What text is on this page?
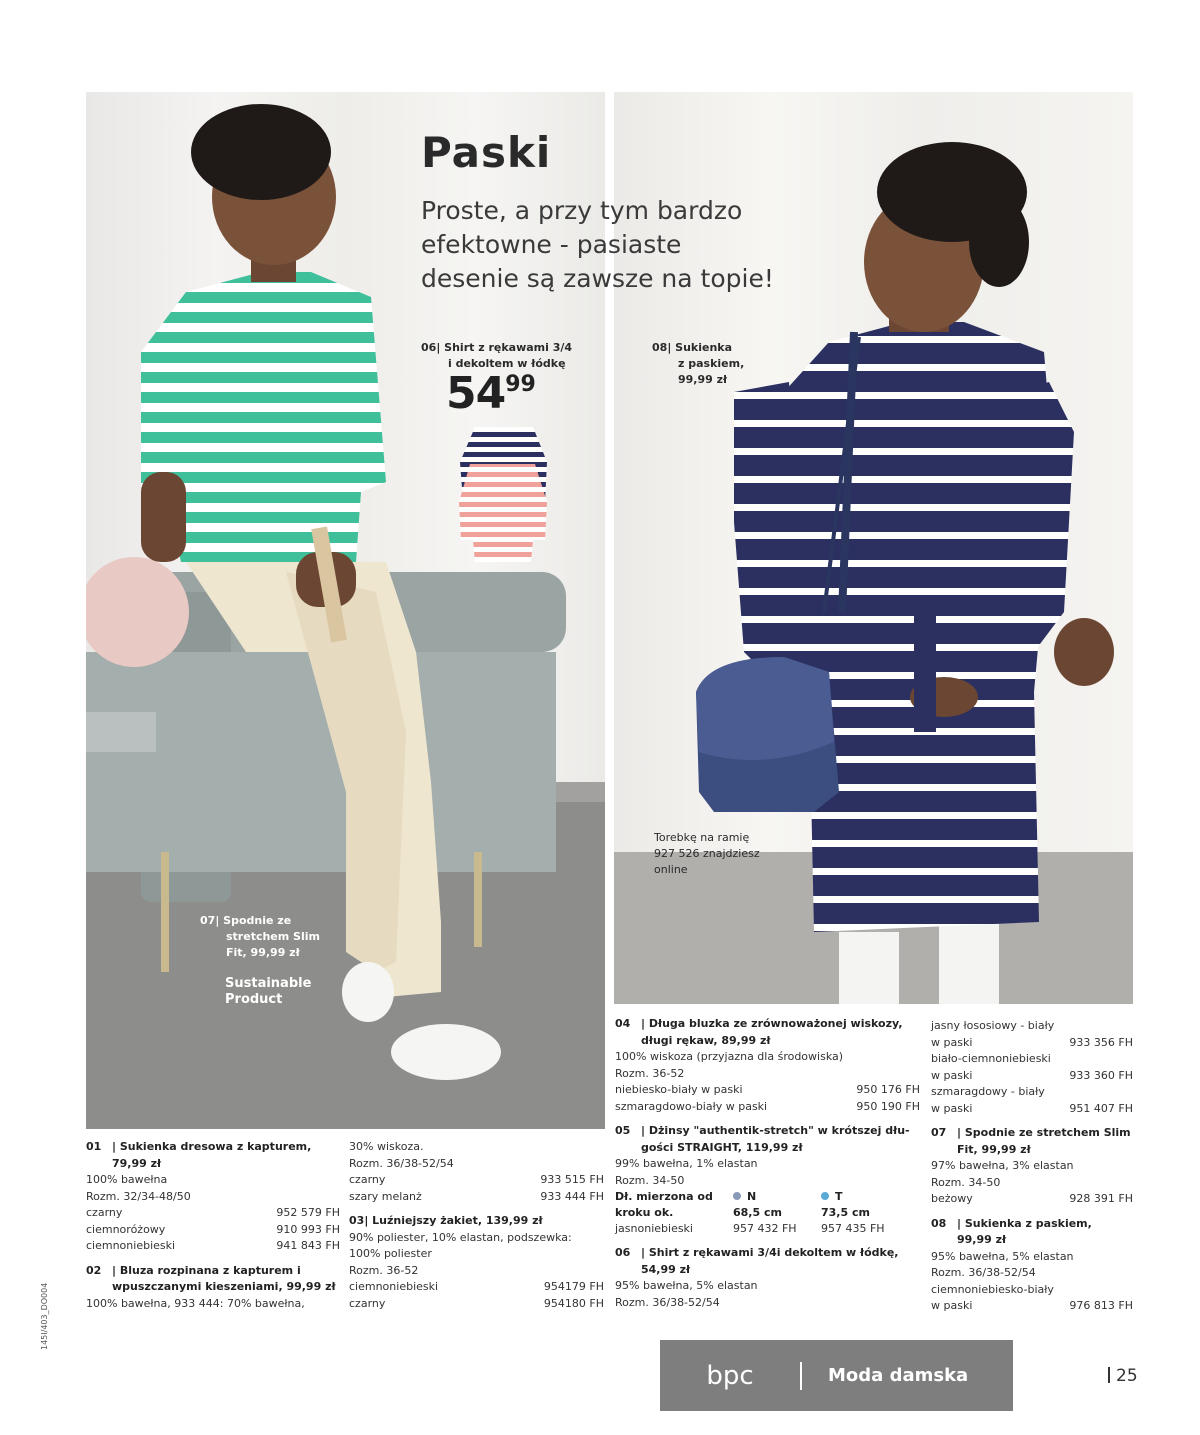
Paski
Proste, a przy tym bardzo efektowne - pasiaste desenie są zawsze na topie!
06| Shirt z rękawami 3/4
i dekoltem w łódkę
$54^{99}$
08| Sukienka
z paskiem,
99,99 zł
07| Spodnie ze
stretchem Slim
Fit, 99,99 zł
Sustainable
Product
Torebkę na ramię
927 526 znajdziesz
online
01 | Sukienka dresowa z kapturem,
79,99 zł
100% bawełna
Rozm. 32/34-48/50
czarny	952 579 FH
ciemnoróżowy	910 993 FH
ciemnoniebieski	941 843 FH
02 | Bluza rozpinana z kapturem i
wpuszczanymi kieszeniami, 99,99 zł
100% bawełna, 933 444: 70% bawełna,
30% wiskoza.
Rozm. 36/38-52/54
czarny	933 515 FH
szary melanż	933 444 FH
03| Luźniejszy żakiet, 139,99 zł
90% poliester, 10% elastan, podszewka:
100% poliester
Rozm. 36-52
ciemnoniebieski	954179 FH
czarny	954180 FH
04 | Długa bluzka ze zrównoważonej wiskozy,
długi rękaw, 89,99 zł
100% wiskoza (przyjazna dla środowiska)
Rozm. 36-52
niebiesko-biały w paski	950 176 FH
szmaragdowo-biały w paski	950 190 FH
05 | Dżinsy "authentik-stretch" w krótszej dłu-
gości STRAIGHT, 119,99 zł
99% bawełna, 1% elastan
Rozm. 34-50
Dł. mierzona od	N	T
kroku ok.	68,5 cm	73,5 cm
jasnoniebieski	957 432 FH	957 435 FH
06 | Shirt z rękawami 3/4i dekoltem w łódkę,
54,99 zł
95% bawełna, 5% elastan
Rozm. 36/38-52/54
jasny łososiowy - biały
w paski	933 356 FH
biało-ciemnoniebieski
w paski	933 360 FH
szmaragdowy - biały
w paski	951 407 FH
07 | Spodnie ze stretchem Slim
Fit, 99,99 zł
97% bawełna, 3% elastan
Rozm. 34-50
beżowy	928 391 FH
08 | Sukienka z paskiem,
99,99 zł
95% bawełna, 5% elastan
Rozm. 36/38-52/54
ciemnoniebiesko-biały
w paski	976 813 FH
bpc	Moda damska	25
145I/403_DO004
